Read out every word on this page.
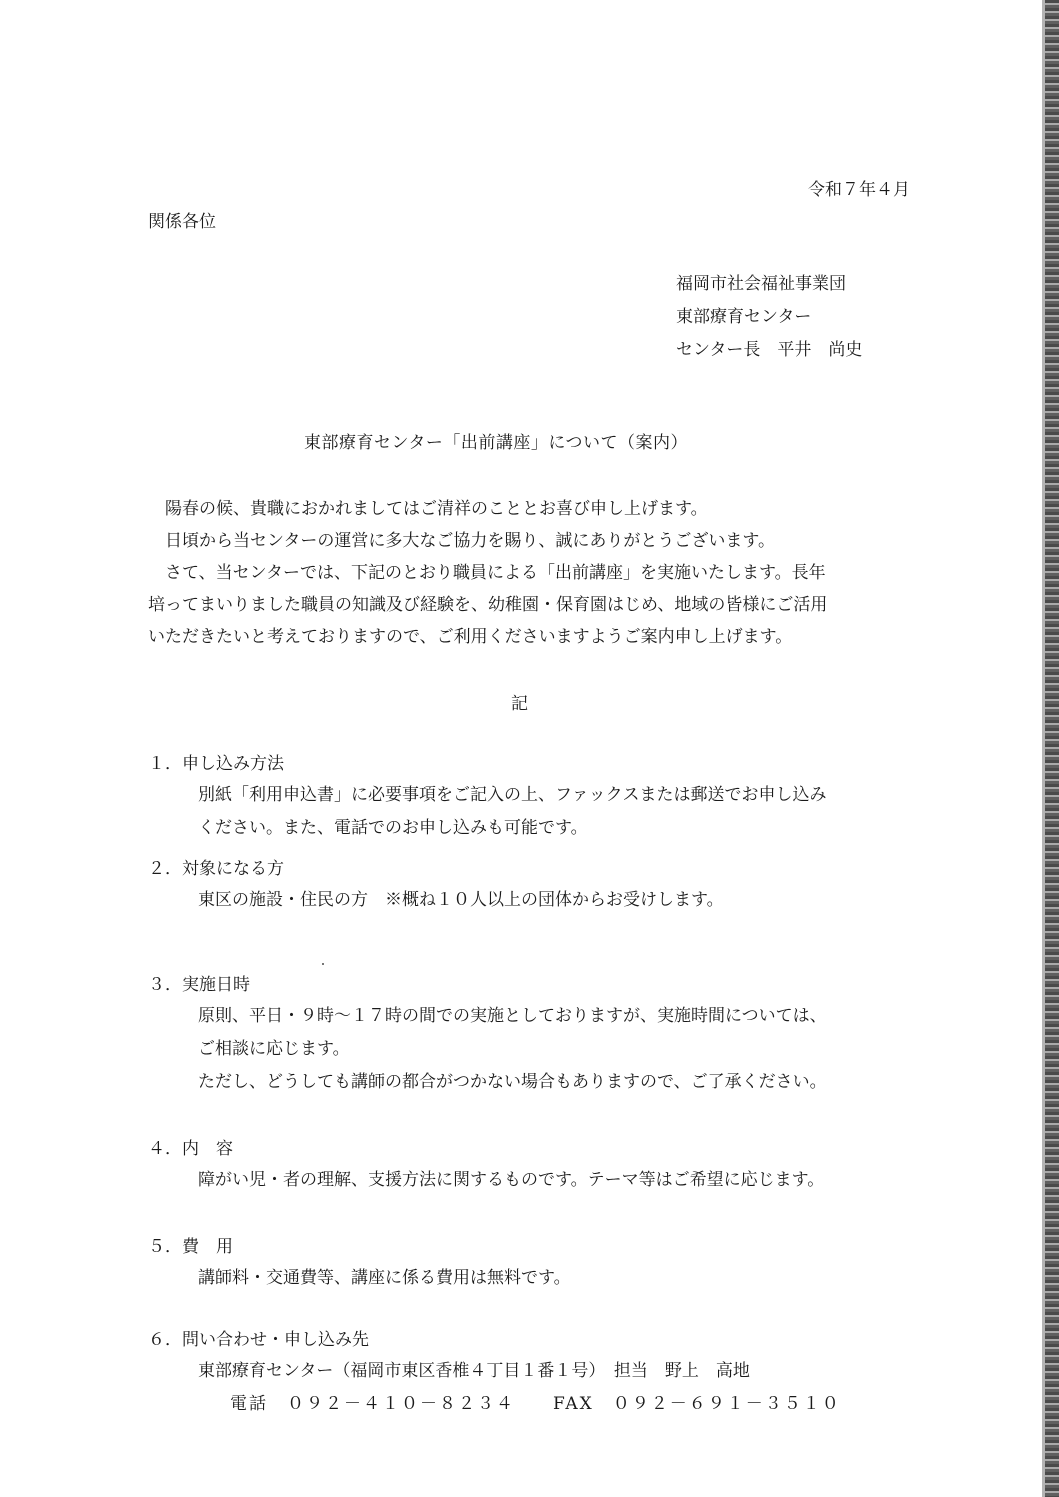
令和７年４月
関係各位
福岡市社会福祉事業団
東部療育センター
センター長　平井　尚史
東部療育センター「出前講座」について（案内）

陽春の候、貴職におかれましてはご清祥のこととお喜び申し上げます。

日頃から当センターの運営に多大なご協力を賜り、誠にありがとうございます。

さて、当センターでは、下記のとおり職員による「出前講座」を実施いたします。長年

培ってまいりました職員の知識及び経験を、幼稚園・保育園はじめ、地域の皆様にご活用

いただきたいと考えておりますので、ご利用くださいますようご案内申し上げます。

記
１．申し込み方法
別紙「利用申込書」に必要事項をご記入の上、ファックスまたは郵送でお申し込み
ください。また、電話でのお申し込みも可能です。
２．対象になる方
東区の施設・住民の方　※概ね１０人以上の団体からお受けします。
３．実施日時
原則、平日・９時～１７時の間での実施としておりますが、実施時間については、
ご相談に応じます。
ただし、どうしても講師の都合がつかない場合もありますので、ご了承ください。
４．内　容
障がい児・者の理解、支援方法に関するものです。テーマ等はご希望に応じます。
５．費　用
講師料・交通費等、講座に係る費用は無料です。
６．問い合わせ・申し込み先
東部療育センター（福岡市東区香椎４丁目１番１号）　担当　野上　高地
電話　０９２－４１０－８２３４　　FAX　０９２－６９１－３５１０
